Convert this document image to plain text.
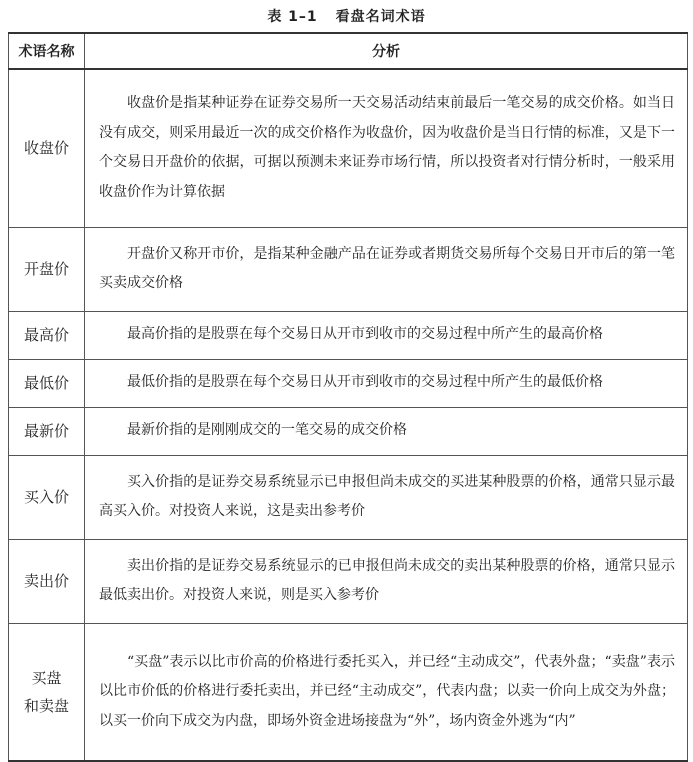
表 1–1 看盘名词术语
术语名称	分析
收盘价	收盘价是指某种证券在证券交易所一天交易活动结束前最后一笔交易的成交价格。如当日没有成交，则采用最近一次的成交价格作为收盘价，因为收盘价是当日行情的标准，又是下一个交易日开盘价的依据，可据以预测未来证券市场行情，所以投资者对行情分析时，一般采用收盘价作为计算依据

开盘价	开盘价又称开市价，是指某种金融产品在证券或者期货交易所每个交易日开市后的第一笔买卖成交价格

最高价	最高价指的是股票在每个交易日从开市到收市的交易过程中所产生的最高价格

最低价	最低价指的是股票在每个交易日从开市到收市的交易过程中所产生的最低价格

最新价	最新价指的是刚刚成交的一笔交易的成交价格

买入价	买入价指的是证券交易系统显示已申报但尚未成交的买进某种股票的价格，通常只显示最高买入价。对投资人来说，这是卖出参考价

卖出价	卖出价指的是证券交易系统显示的已申报但尚未成交的卖出某种股票的价格，通常只显示最低卖出价。对投资人来说，则是买入参考价

买盘
和卖盘	“买盘”表示以比市价高的价格进行委托买入，并已经“主动成交”，代表外盘；“卖盘”表示以比市价低的价格进行委托卖出，并已经“主动成交”，代表内盘；以卖一价向上成交为外盘；以买一价向下成交为内盘，即场外资金进场接盘为“外”，场内资金外逃为“内”
